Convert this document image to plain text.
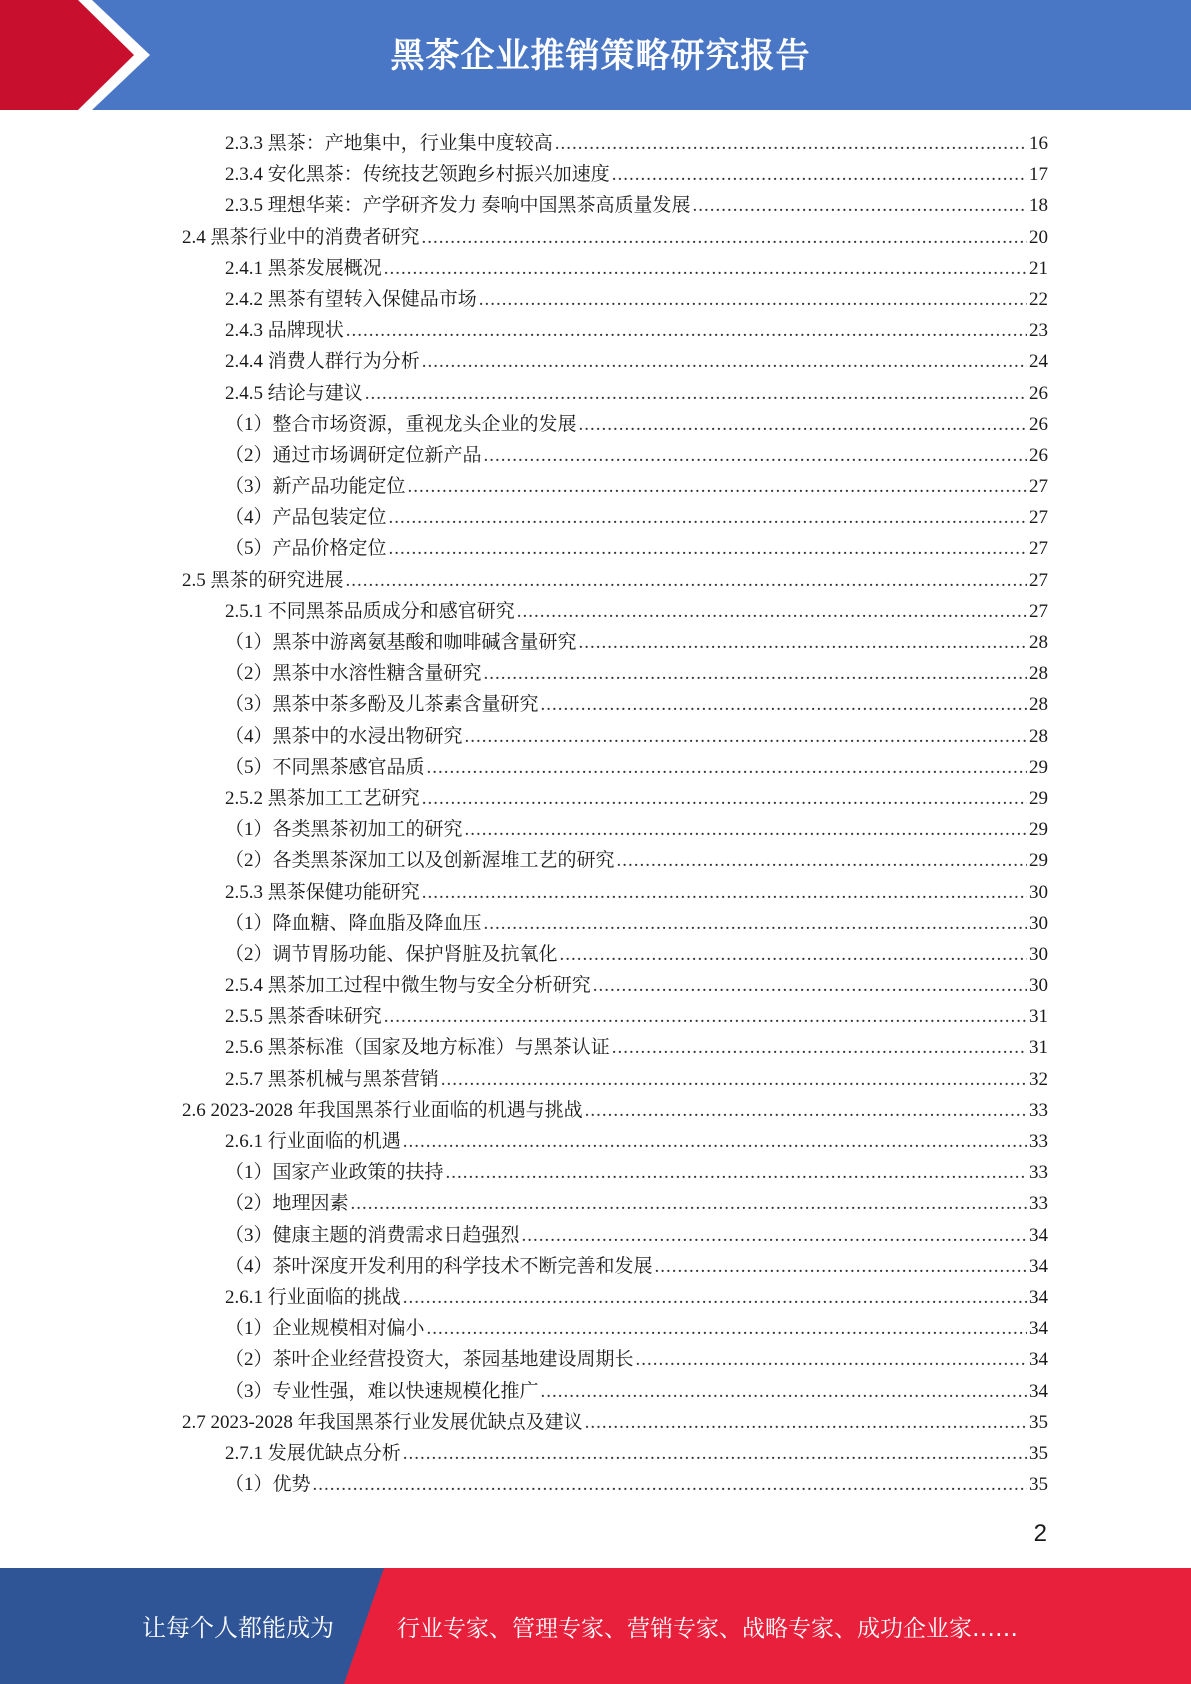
黑茶企业推销策略研究报告
2.3.3 黑茶：产地集中，行业集中度较高 .....	16
2.3.4 安化黑茶：传统技艺领跑乡村振兴加速度 .....	17
2.3.5 理想华莱：产学研齐发力 奏响中国黑茶高质量发展 .....	18
2.4 黑茶行业中的消费者研究 .....	20
2.4.1 黑茶发展概况 .....	21
2.4.2 黑茶有望转入保健品市场 .....	22
2.4.3 品牌现状 .....	23
2.4.4 消费人群行为分析 .....	24
2.4.5 结论与建议 .....	26
（1）整合市场资源，重视龙头企业的发展 .....	26
（2）通过市场调研定位新产品 .....	26
（3）新产品功能定位 .....	27
（4）产品包装定位 .....	27
（5）产品价格定位 .....	27
2.5 黑茶的研究进展 .....	27
2.5.1 不同黑茶品质成分和感官研究 .....	27
（1）黑茶中游离氨基酸和咖啡碱含量研究 .....	28
（2）黑茶中水溶性糖含量研究 .....	28
（3）黑茶中茶多酚及儿茶素含量研究 .....	28
（4）黑茶中的水浸出物研究 .....	28
（5）不同黑茶感官品质 .....	29
2.5.2 黑茶加工工艺研究 .....	29
（1）各类黑茶初加工的研究 .....	29
（2）各类黑茶深加工以及创新渥堆工艺的研究 .....	29
2.5.3 黑茶保健功能研究 .....	30
（1）降血糖、降血脂及降血压 .....	30
（2）调节胃肠功能、保护肾脏及抗氧化 .....	30
2.5.4 黑茶加工过程中微生物与安全分析研究 .....	30
2.5.5 黑茶香味研究 .....	31
2.5.6 黑茶标准（国家及地方标准）与黑茶认证 .....	31
2.5.7 黑茶机械与黑茶营销 .....	32
2.6 2023-2028 年我国黑茶行业面临的机遇与挑战 .....	33
2.6.1 行业面临的机遇 .....	33
（1）国家产业政策的扶持 .....	33
（2）地理因素 .....	33
（3）健康主题的消费需求日趋强烈 .....	34
（4）茶叶深度开发利用的科学技术不断完善和发展 .....	34
2.6.1 行业面临的挑战 .....	34
（1）企业规模相对偏小 .....	34
（2）茶叶企业经营投资大，茶园基地建设周期长 .....	34
（3）专业性强，难以快速规模化推广 .....	34
2.7 2023-2028 年我国黑茶行业发展优缺点及建议 .....	35
2.7.1 发展优缺点分析 .....	35
（1）优势 .....	35
2
让每个人都能成为	行业专家、管理专家、营销专家、战略专家、成功企业家……
